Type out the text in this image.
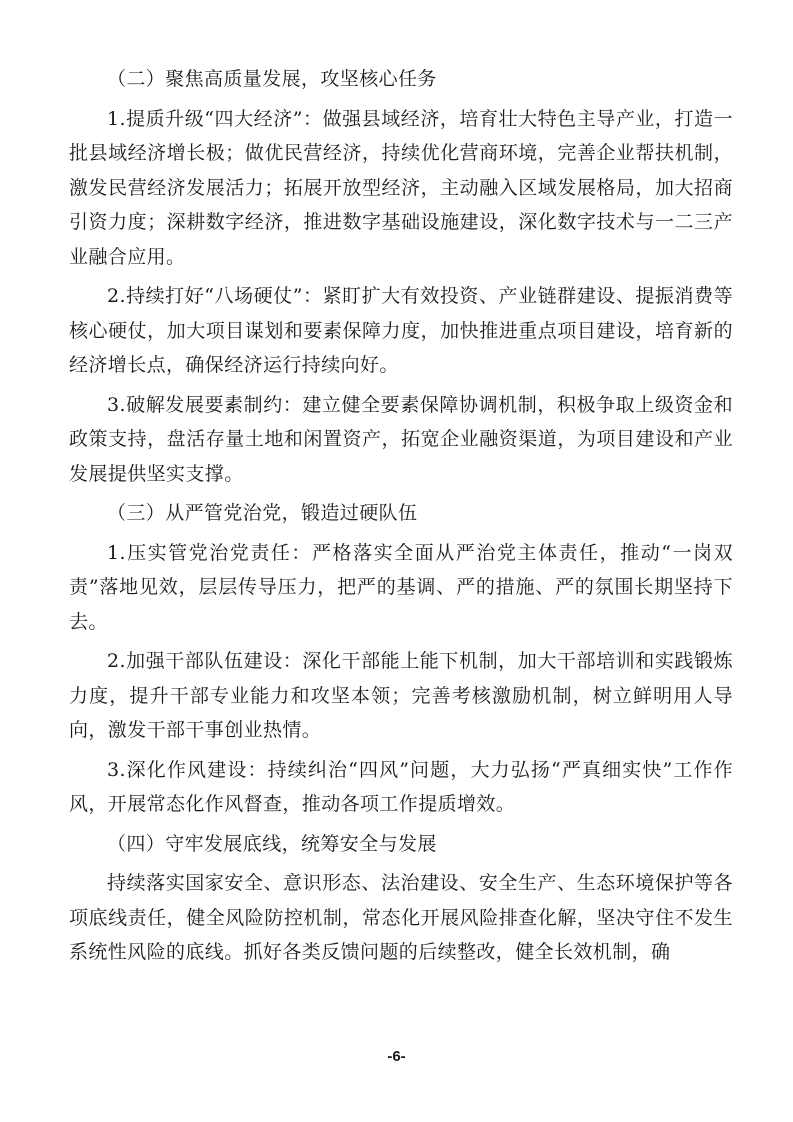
（二）聚焦高质量发展，攻坚核心任务

1.提质升级“四大经济”：做强县域经济，培育壮大特色主导产业，打造一批县域经济增长极；做优民营经济，持续优化营商环境，完善企业帮扶机制，激发民营经济发展活力；拓展开放型经济，主动融入区域发展格局，加大招商引资力度；深耕数字经济，推进数字基础设施建设，深化数字技术与一二三产业融合应用。

2.持续打好“八场硬仗”：紧盯扩大有效投资、产业链群建设、提振消费等核心硬仗，加大项目谋划和要素保障力度，加快推进重点项目建设，培育新的经济增长点，确保经济运行持续向好。

3.破解发展要素制约：建立健全要素保障协调机制，积极争取上级资金和政策支持，盘活存量土地和闲置资产，拓宽企业融资渠道，为项目建设和产业发展提供坚实支撑。

（三）从严管党治党，锻造过硬队伍

1.压实管党治党责任：严格落实全面从严治党主体责任，推动“一岗双责”落地见效，层层传导压力，把严的基调、严的措施、严的氛围长期坚持下去。

2.加强干部队伍建设：深化干部能上能下机制，加大干部培训和实践锻炼力度，提升干部专业能力和攻坚本领；完善考核激励机制，树立鲜明用人导向，激发干部干事创业热情。

3.深化作风建设：持续纠治“四风”问题，大力弘扬“严真细实快”工作作风，开展常态化作风督查，推动各项工作提质增效。

（四）守牢发展底线，统筹安全与发展

持续落实国家安全、意识形态、法治建设、安全生产、生态环境保护等各项底线责任，健全风险防控机制，常态化开展风险排查化解，坚决守住不发生系统性风险的底线。抓好各类反馈问题的后续整改，健全长效机制，确

-6-
